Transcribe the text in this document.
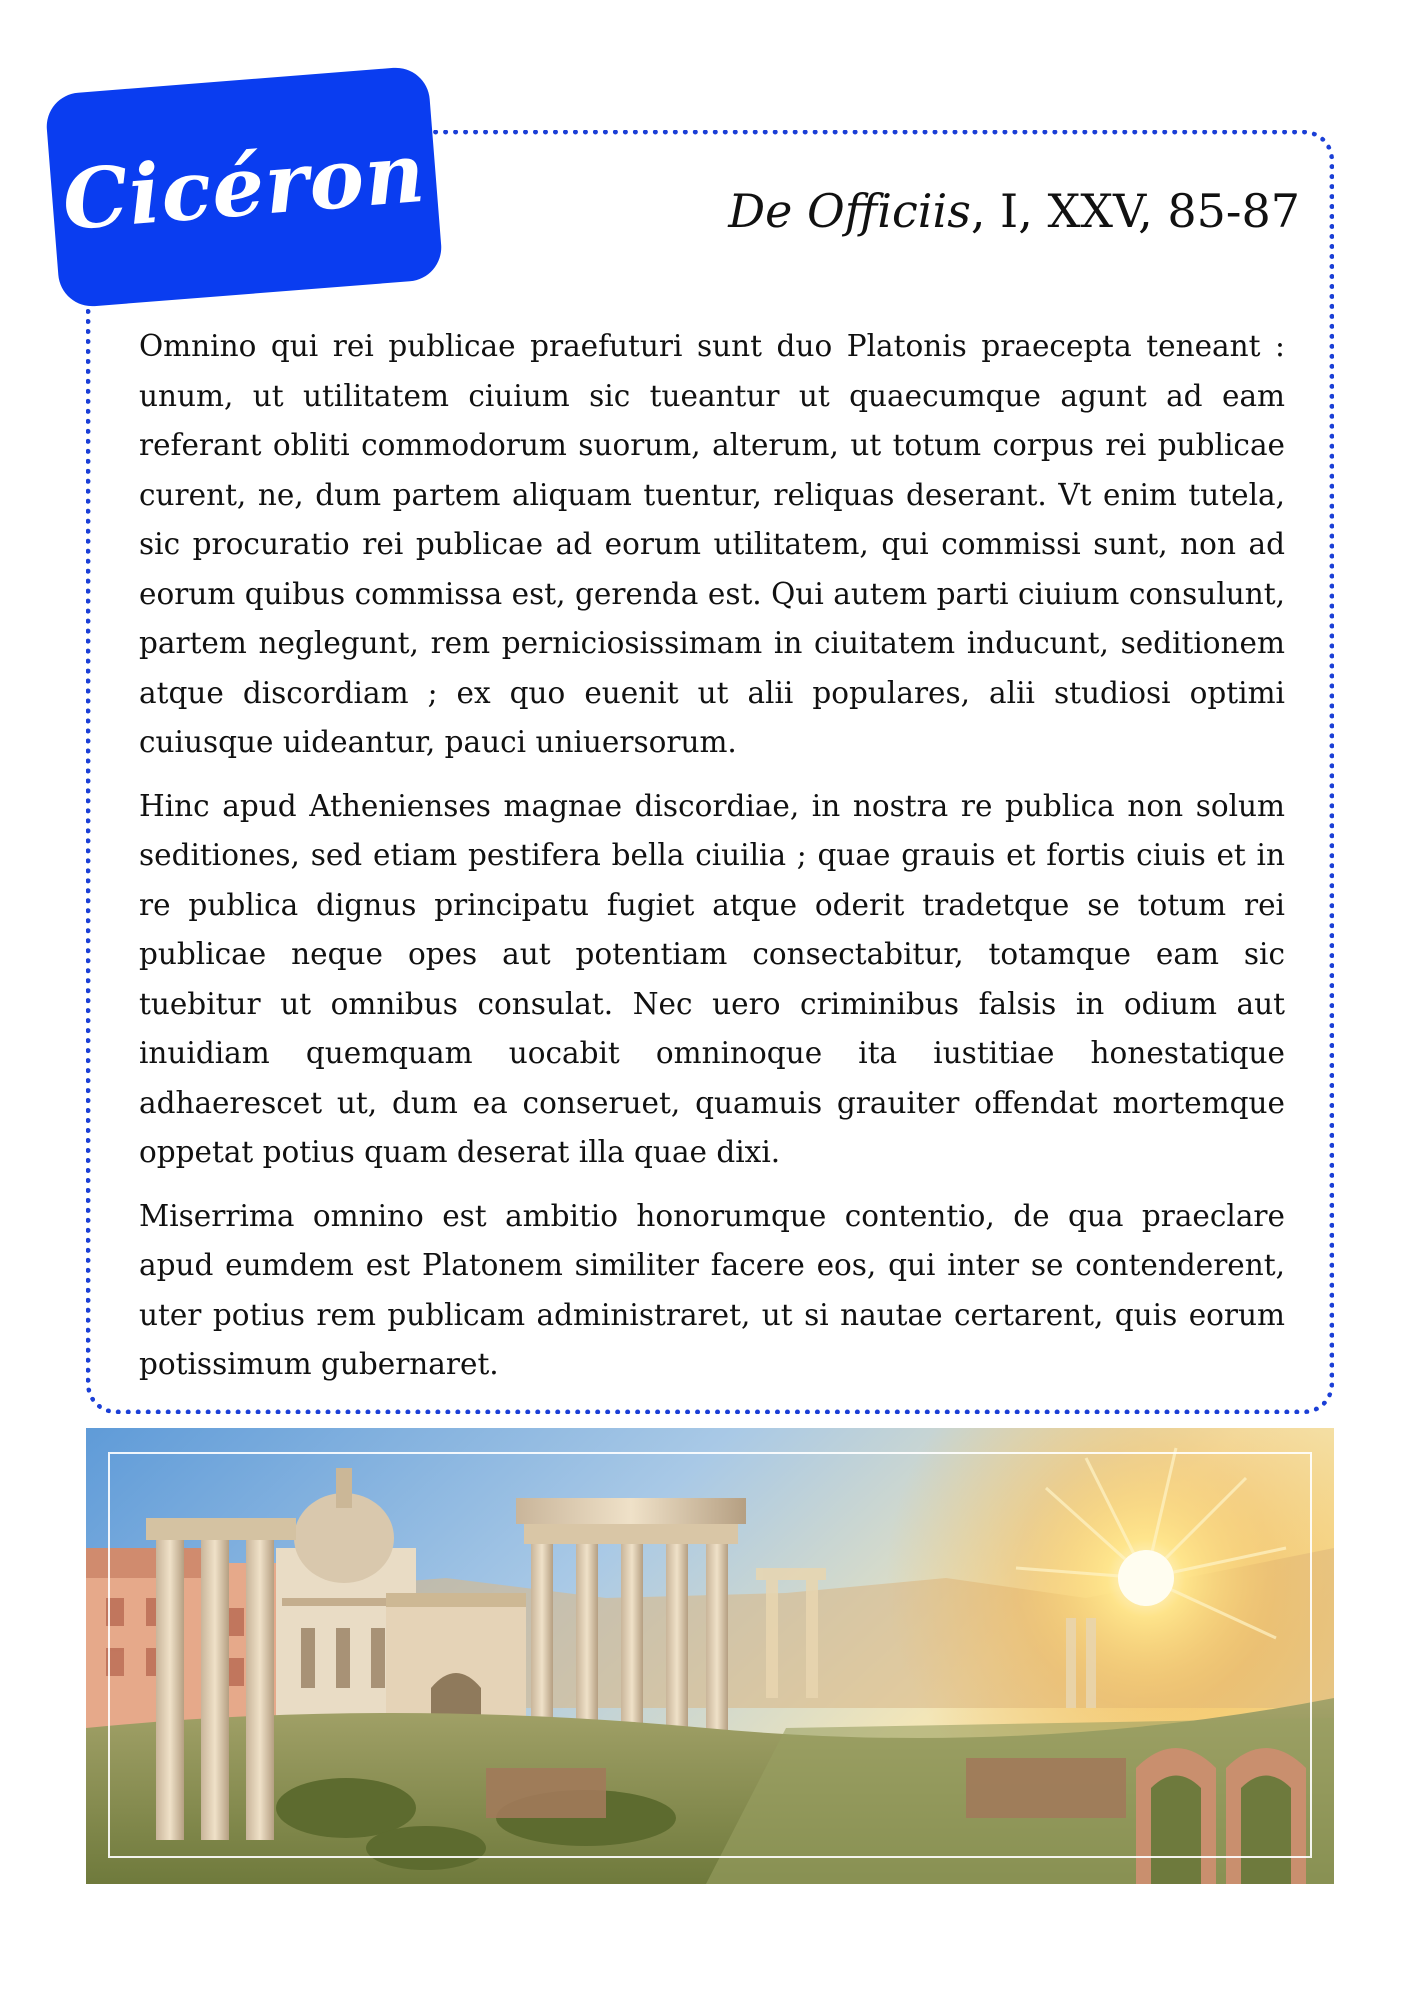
Cicéron	De Officiis, I, XXV, 85-87

Omnino qui rei publicae praefuturi sunt duo Platonis praecepta teneant : unum, ut utilitatem ciuium sic tueantur ut quaecumque agunt ad eam referant obliti commodorum suorum, alterum, ut totum corpus rei publicae curent, ne, dum partem aliquam tuentur, reliquas deserant. Vt enim tutela, sic procuratio rei publicae ad eorum utilitatem, qui commissi sunt, non ad eorum quibus commissa est, gerenda est. Qui autem parti ciuium consulunt, partem neglegunt, rem perniciosissimam in ciuitatem inducunt, seditionem atque discordiam ; ex quo euenit ut alii populares, alii studiosi optimi cuiusque uideantur, pauci uniuersorum.

Hinc apud Athenienses magnae discordiae, in nostra re publica non solum seditiones, sed etiam pestifera bella ciuilia ; quae grauis et fortis ciuis et in re publica dignus principatu fugiet atque oderit tradetque se totum rei publicae neque opes aut potentiam consectabitur, totamque eam sic tuebitur ut omnibus consulat. Nec uero criminibus falsis in odium aut inuidiam quemquam uocabit omninoque ita iustitiae honestatique adhaerescet ut, dum ea conseruet, quamuis grauiter offendat mortemque oppetat potius quam deserat illa quae dixi.

Miserrima omnino est ambitio honorumque contentio, de qua praeclare apud eumdem est Platonem similiter facere eos, qui inter se contenderent, uter potius rem publicam administraret, ut si nautae certarent, quis eorum potissimum gubernaret.
